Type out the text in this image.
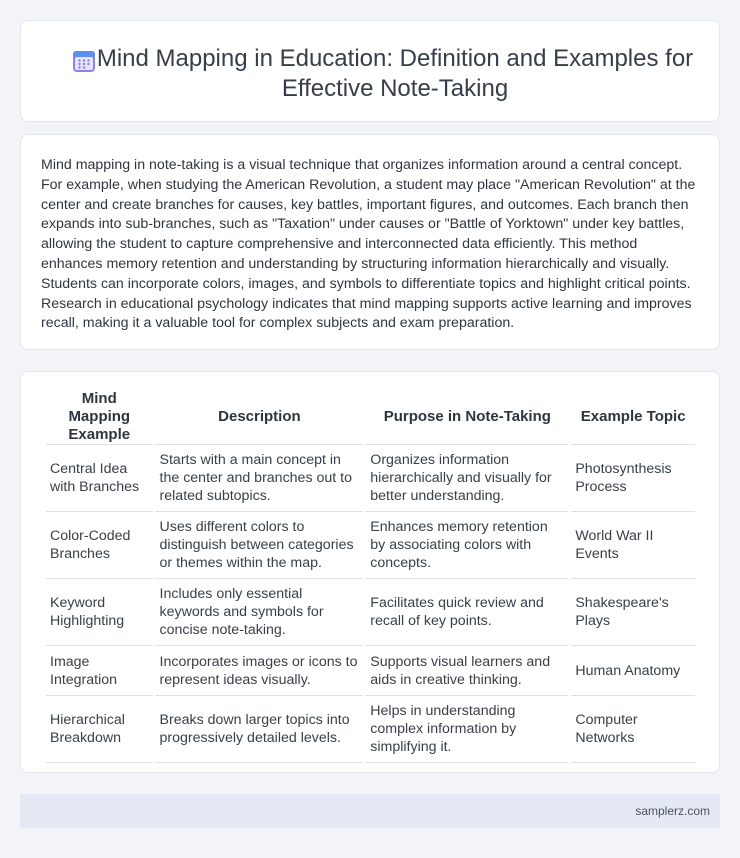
Mind Mapping in Education: Definition and Examples for Effective Note-Taking

Mind mapping in note-taking is a visual technique that organizes information around a central concept. For example, when studying the American Revolution, a student may place "American Revolution" at the center and create branches for causes, key battles, important figures, and outcomes. Each branch then expands into sub-branches, such as "Taxation" under causes or "Battle of Yorktown" under key battles, allowing the student to capture comprehensive and interconnected data efficiently. This method enhances memory retention and understanding by structuring information hierarchically and visually. Students can incorporate colors, images, and symbols to differentiate topics and highlight critical points. Research in educational psychology indicates that mind mapping supports active learning and improves recall, making it a valuable tool for complex subjects and exam preparation.

Mind Mapping Example	Description	Purpose in Note-Taking	Example Topic
Central Idea with Branches	Starts with a main concept in the center and branches out to related subtopics.	Organizes information hierarchically and visually for better understanding.	Photosynthesis Process
Color-Coded Branches	Uses different colors to distinguish between categories or themes within the map.	Enhances memory retention by associating colors with concepts.	World War II Events
Keyword Highlighting	Includes only essential keywords and symbols for concise note-taking.	Facilitates quick review and recall of key points.	Shakespeare's Plays
Image Integration	Incorporates images or icons to represent ideas visually.	Supports visual learners and aids in creative thinking.	Human Anatomy
Hierarchical Breakdown	Breaks down larger topics into progressively detailed levels.	Helps in understanding complex information by simplifying it.	Computer Networks
samplerz.com
